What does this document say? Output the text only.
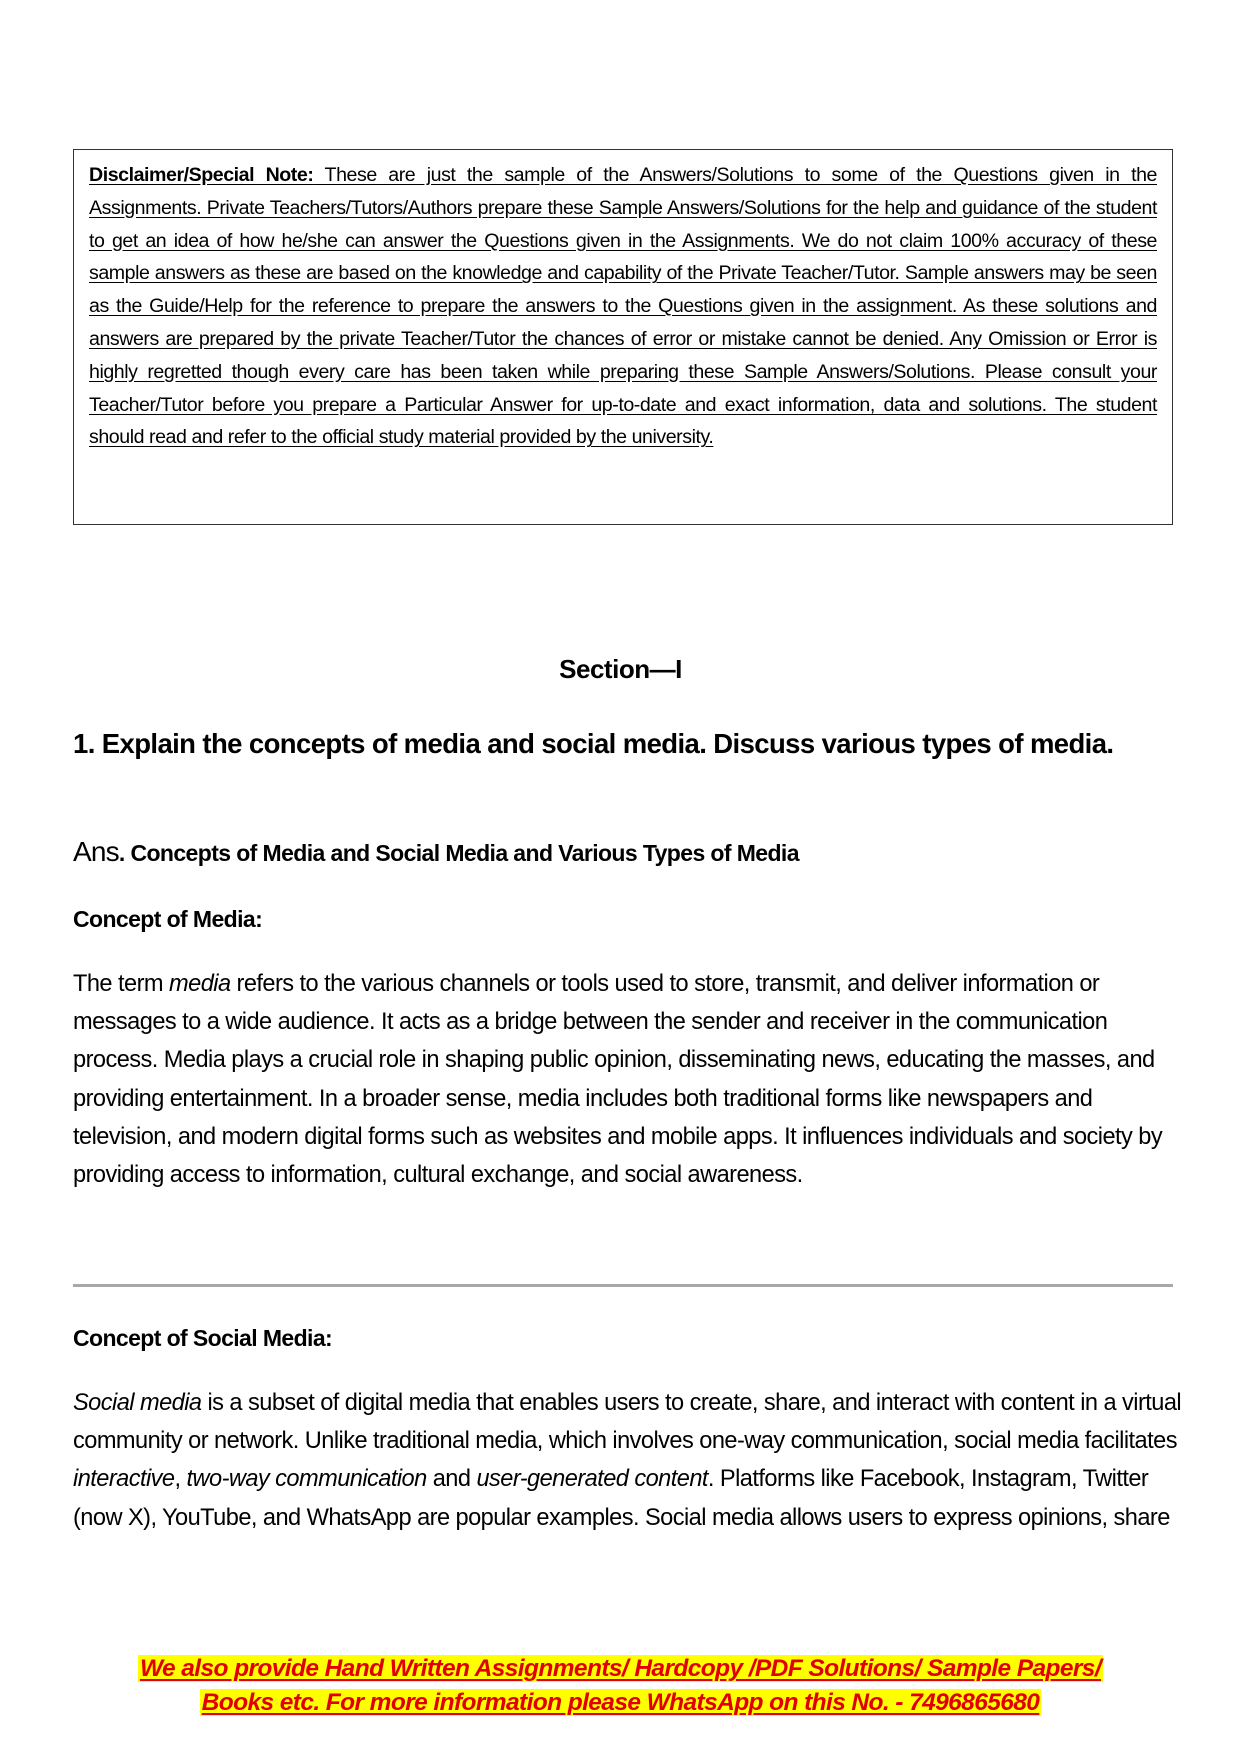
Disclaimer/Special Note: These are just the sample of the Answers/Solutions to some of the Questions given in the Assignments. Private Teachers/Tutors/Authors prepare these Sample Answers/Solutions for the help and guidance of the student to get an idea of how he/she can answer the Questions given in the Assignments. We do not claim 100% accuracy of these sample answers as these are based on the knowledge and capability of the Private Teacher/Tutor. Sample answers may be seen as the Guide/Help for the reference to prepare the answers to the Questions given in the assignment. As these solutions and answers are prepared by the private Teacher/Tutor the chances of error or mistake cannot be denied. Any Omission or Error is highly regretted though every care has been taken while preparing these Sample Answers/Solutions. Please consult your Teacher/Tutor before you prepare a Particular Answer for up-to-date and exact information, data and solutions. The student should read and refer to the official study material provided by the university.
Section—I
1. Explain the concepts of media and social media. Discuss various types of media.
Ans. Concepts of Media and Social Media and Various Types of Media
Concept of Media:
The term media refers to the various channels or tools used to store, transmit, and deliver information or messages to a wide audience. It acts as a bridge between the sender and receiver in the communication process. Media plays a crucial role in shaping public opinion, disseminating news, educating the masses, and providing entertainment. In a broader sense, media includes both traditional forms like newspapers and television, and modern digital forms such as websites and mobile apps. It influences individuals and society by providing access to information, cultural exchange, and social awareness.
Concept of Social Media:
Social media is a subset of digital media that enables users to create, share, and interact with content in a virtual community or network. Unlike traditional media, which involves one-way communication, social media facilitates interactive, two-way communication and user-generated content. Platforms like Facebook, Instagram, Twitter (now X), YouTube, and WhatsApp are popular examples. Social media allows users to express opinions, share
We also provide Hand Written Assignments/ Hardcopy /PDF Solutions/ Sample Papers/
Books etc. For more information please WhatsApp on this No. - 7496865680
